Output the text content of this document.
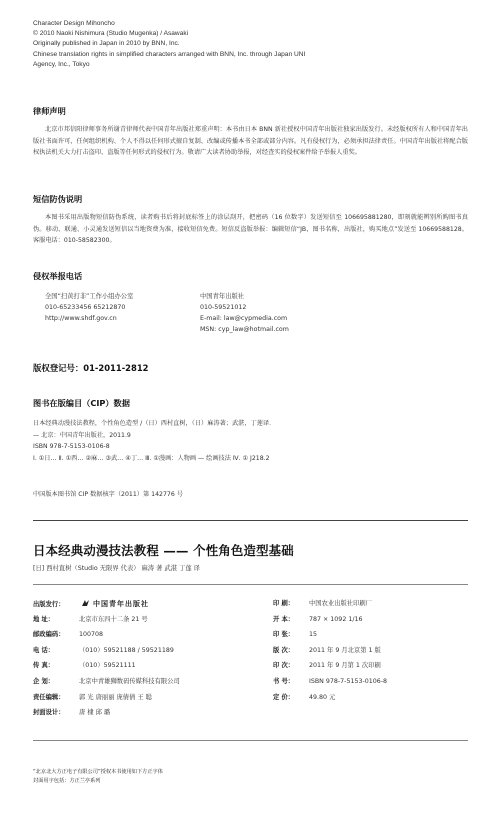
Character Design Mihoncho

© 2010 Naoki Nishimura (Studio Mugenka) / Asawaki

Originally published in Japan in 2010 by BNN, Inc.

Chinese translation rights in simplified characters arranged with BNN, Inc. through Japan UNI

Agency, Inc., Tokyo

律师声明

北京市邦信阳律师事务所谢青律师代表中国青年出版社郑重声明：本书由日本 BNN 新社授权中国青年出版社独家出版发行。未经版权所有人和中国青年出版社书面许可，任何组织机构、个人不得以任何形式擅自复制、改编或传播本书全部或部分内容。凡有侵权行为，必须承担法律责任。中国青年出版社将配合版权执法机关大力打击盗印、盗版等任何形式的侵权行为。敬请广大读者协助举报，对经查实的侵权案件给予举报人重奖。

短信防伪说明

本图书采用出版物短信防伪系统，读者购书后将封底标签上的涂层刮开，把密码（16 位数字）发送短信至 106695881280，即刻就能辨别所购图书真伪。移动、联通、小灵通发送短信以当地资费为准，接收短信免费。短信反盗版举报：编辑短信“JB，图书名称，出版社，购买地点”发送至 10669588128。客服电话：010-58582300。

侵权举报电话
全国“扫黄打非”工作小组办公室
010-65233456 65212870
http://www.shdf.gov.cn
中国青年出版社
010-59521012
E-mail: law@cypmedia.com
MSN: cyp_law@hotmail.com
版权登记号：01-2011-2812
图书在版编目（CIP）数据
日本经典动漫技法教程，个性角色造型 /（日）西村直树，（日）麻涛著；武湛，丁莲译．
— 北京：中国青年出版社，2011.9
ISBN 978-7-5153-0106-8
Ⅰ. ①日… Ⅱ. ①西… ②麻… ③武… ④丁… Ⅲ. ①漫画：人物画 — 绘画技法 Ⅳ. ① J218.2
中国版本图书馆 CIP 数据核字（2011）第 142776 号
日本经典动漫技法教程 —— 个性角色造型基础
[日] 西村直树（Studio 无限界 代表） 麻涛 著 武湛 丁莲 译
出版发行：	中国青年出版社
地 址：	北京市东四十二条 21 号
邮政编码： 100708
电 话：	（010）59521188 / 59521189
传 真：	（010）59521111
企 划：	北京中青雄狮数码传媒科技有限公司
责任编辑： 郭 光 唐丽丽 庞倩倩 王 聪
封面设计： 唐 棣 邱 璐
印 刷： 中国农业出版社印刷厂
开 本： 787 × 1092 1/16
印 张： 15
版 次： 2011 年 9 月北京第 1 版
印 次： 2011 年 9 月第 1 次印刷
书 号： ISBN 978-7-5153-0106-8
定 价： 49.80 元
“北京北大方正电子有限公司”授权本书使用如下方正字体
封面用字包括：方正兰亭系列
